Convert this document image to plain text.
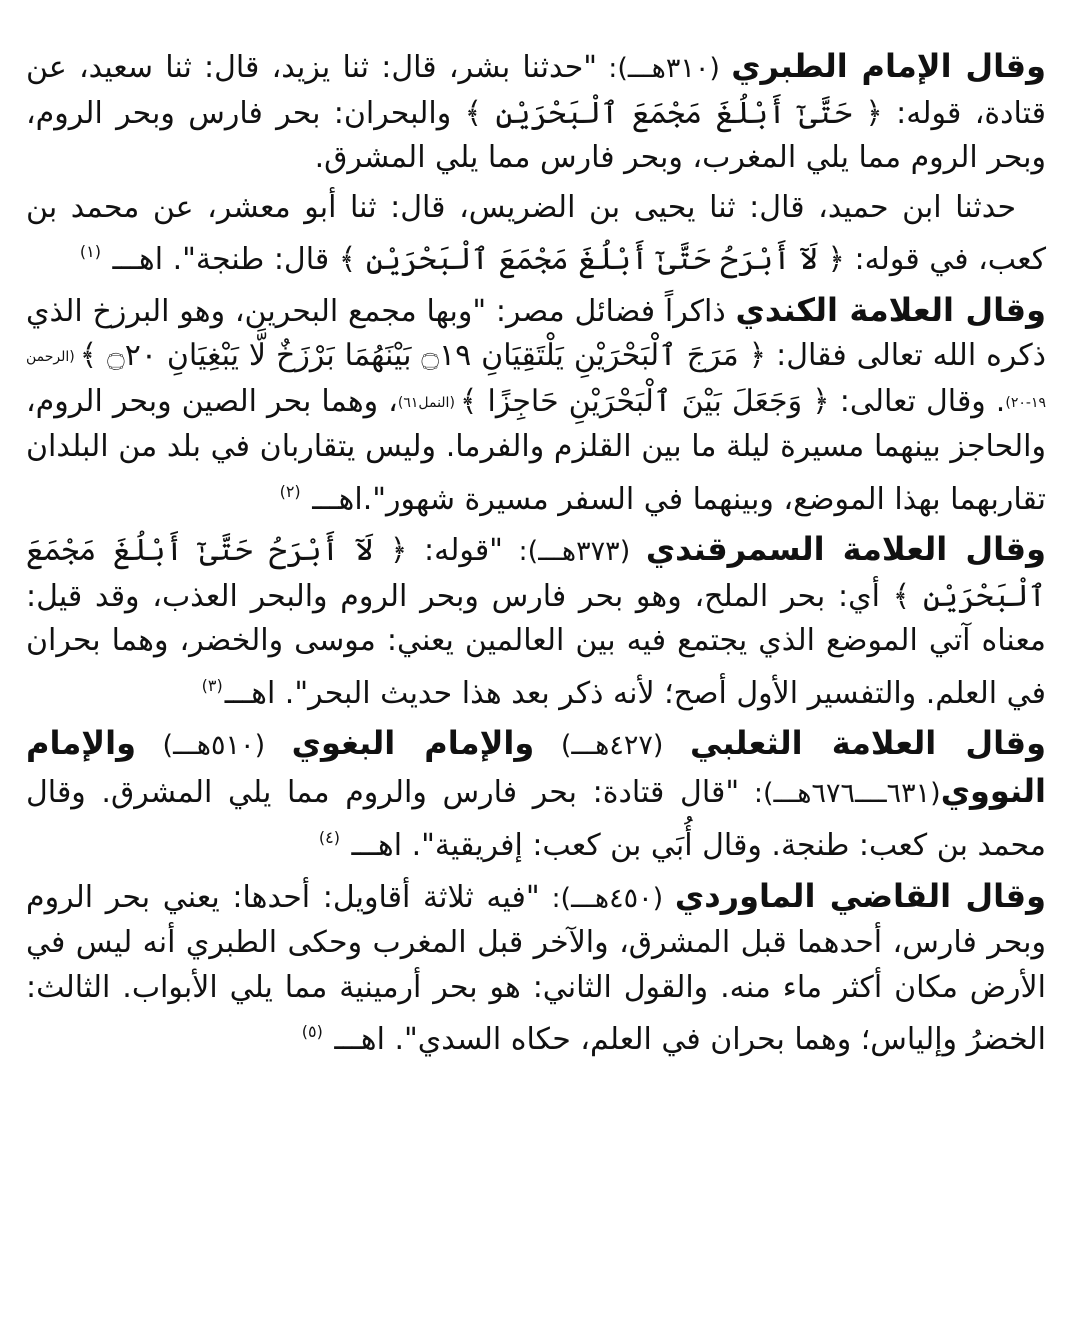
وقال الإمام الطبري (٣١٠هـــ): "حدثنا بشر، قال: ثنا يزيد، قال: ثنا سعيد، عن قتادة، قوله: ﴿ حَتَّىٰٓ أَبْلُغَ مَجْمَعَ ٱلْبَحْرَيْنِ ﴾ والبحران: بحر فارس وبحر الروم، وبحر الروم مما يلي المغرب، وبحر فارس مما يلي المشرق.

حدثنا ابن حميد، قال: ثنا يحيى بن الضريس، قال: ثنا أبو معشر، عن محمد بن كعب، في قوله: ﴿ لَآ أَبْرَحُ حَتَّىٰٓ أَبْلُغَ مَجْمَعَ ٱلْبَحْرَيْنِ ﴾ قال: طنجة". اهـــ $^{(١)}$

وقال العلامة الكندي ذاكراً فضائل مصر: "وبها مجمع البحرين، وهو البرزخ الذي ذكره الله تعالى فقال: ﴿ مَرَجَ ٱلْبَحْرَيْنِ يَلْتَقِيَانِ ۝١٩ بَيْنَهُمَا بَرْزَخٌ لَّا يَبْغِيَانِ ۝٢٠ ﴾ (الرحمن ١٩-٢٠). وقال تعالى: ﴿ وَجَعَلَ بَيْنَ ٱلْبَحْرَيْنِ حَاجِزًا ﴾ (النمل٦١)، وهما بحر الصين وبحر الروم، والحاجز بينهما مسيرة ليلة ما بين القلزم والفرما. وليس يتقاربان في بلد من البلدان تقاربهما بهذا الموضع، وبينهما في السفر مسيرة شهور".اهـــ $^{(٢)}$

وقال العلامة السمرقندي (٣٧٣هـــ): "قوله: ﴿ لَآ أَبْرَحُ حَتَّىٰٓ أَبْلُغَ مَجْمَعَ ٱلْبَحْرَيْنِ ﴾ أي: بحر الملح، وهو بحر فارس وبحر الروم والبحر العذب، وقد قيل: معناه آتي الموضع الذي يجتمع فيه بين العالمين يعني: موسى والخضر، وهما بحران في العلم. والتفسير الأول أصح؛ لأنه ذكر بعد هذا حديث البحر". اهـــ$^{(٣)}$

وقال العلامة الثعلبي (٤٢٧هـــ) والإمام البغوي (٥١٠هـــ) والإمام النووي(٦٣١ــــ٦٧٦هـــ): "قال قتادة: بحر فارس والروم مما يلي المشرق. وقال محمد بن كعب: طنجة. وقال أُبَي بن كعب: إفريقية". اهـــ $^{(٤)}$

وقال القاضي الماوردي (٤٥٠هـــ): "فيه ثلاثة أقاويل: أحدها: يعني بحر الروم وبحر فارس، أحدهما قبل المشرق، والآخر قبل المغرب وحكى الطبري أنه ليس في الأرض مكان أكثر ماء منه. والقول الثاني: هو بحر أرمينية مما يلي الأبواب. الثالث: الخضرُ وإلياس؛ وهما بحران في العلم، حكاه السدي". اهـــ $^{(٥)}$
